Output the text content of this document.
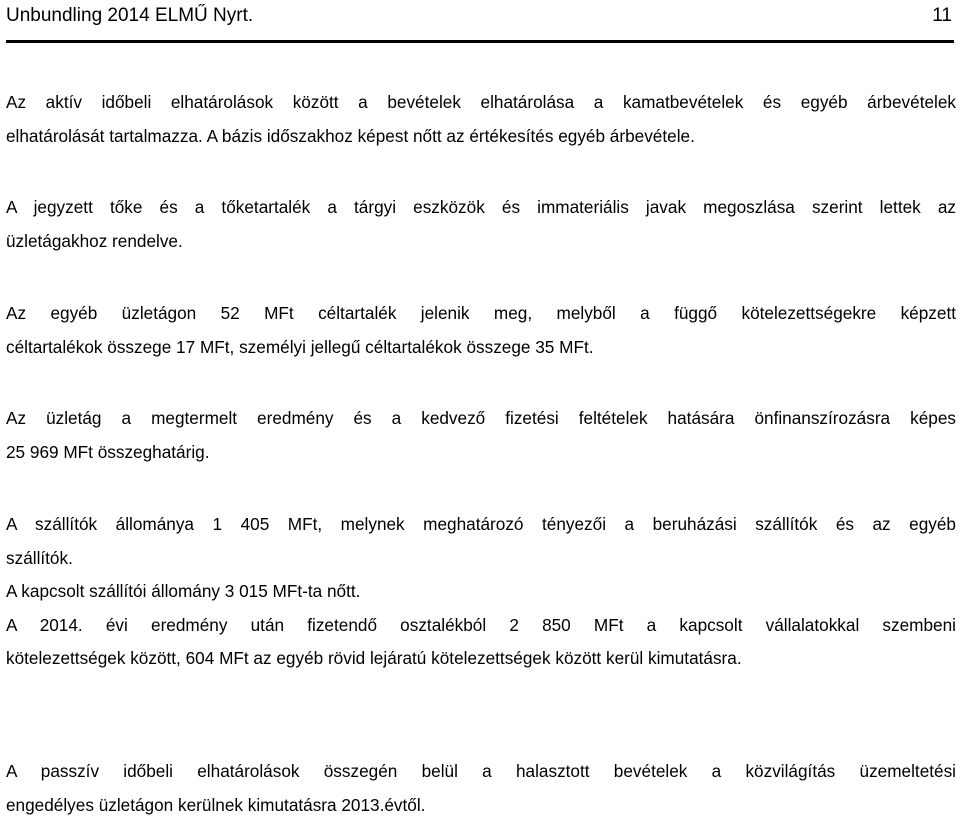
Unbundling 2014 ELMŰ Nyrt.	11
Az aktív időbeli elhatárolások között a bevételek elhatárolása a kamatbevételek és egyéb árbevételek
elhatárolását tartalmazza. A bázis időszakhoz képest nőtt az értékesítés egyéb árbevétele.
A jegyzett tőke és a tőketartalék a tárgyi eszközök és immateriális javak megoszlása szerint lettek az
üzletágakhoz rendelve.
Az egyéb üzletágon 52 MFt céltartalék jelenik meg, melyből a függő kötelezettségekre képzett
céltartalékok összege 17 MFt, személyi jellegű céltartalékok összege 35 MFt.
Az üzletág a megtermelt eredmény és a kedvező fizetési feltételek hatására önfinanszírozásra képes
25 969 MFt összeghatárig.
A szállítók állománya 1 405 MFt, melynek meghatározó tényezői a beruházási szállítók és az egyéb
szállítók.
A kapcsolt szállítói állomány 3 015 MFt-ta nőtt.
A 2014. évi eredmény után fizetendő osztalékból 2 850 MFt a kapcsolt vállalatokkal szembeni
kötelezettségek között, 604 MFt az egyéb rövid lejáratú kötelezettségek között kerül kimutatásra.
A passzív időbeli elhatárolások összegén belül a halasztott bevételek a közvilágítás üzemeltetési
engedélyes üzletágon kerülnek kimutatásra 2013.évtől.
